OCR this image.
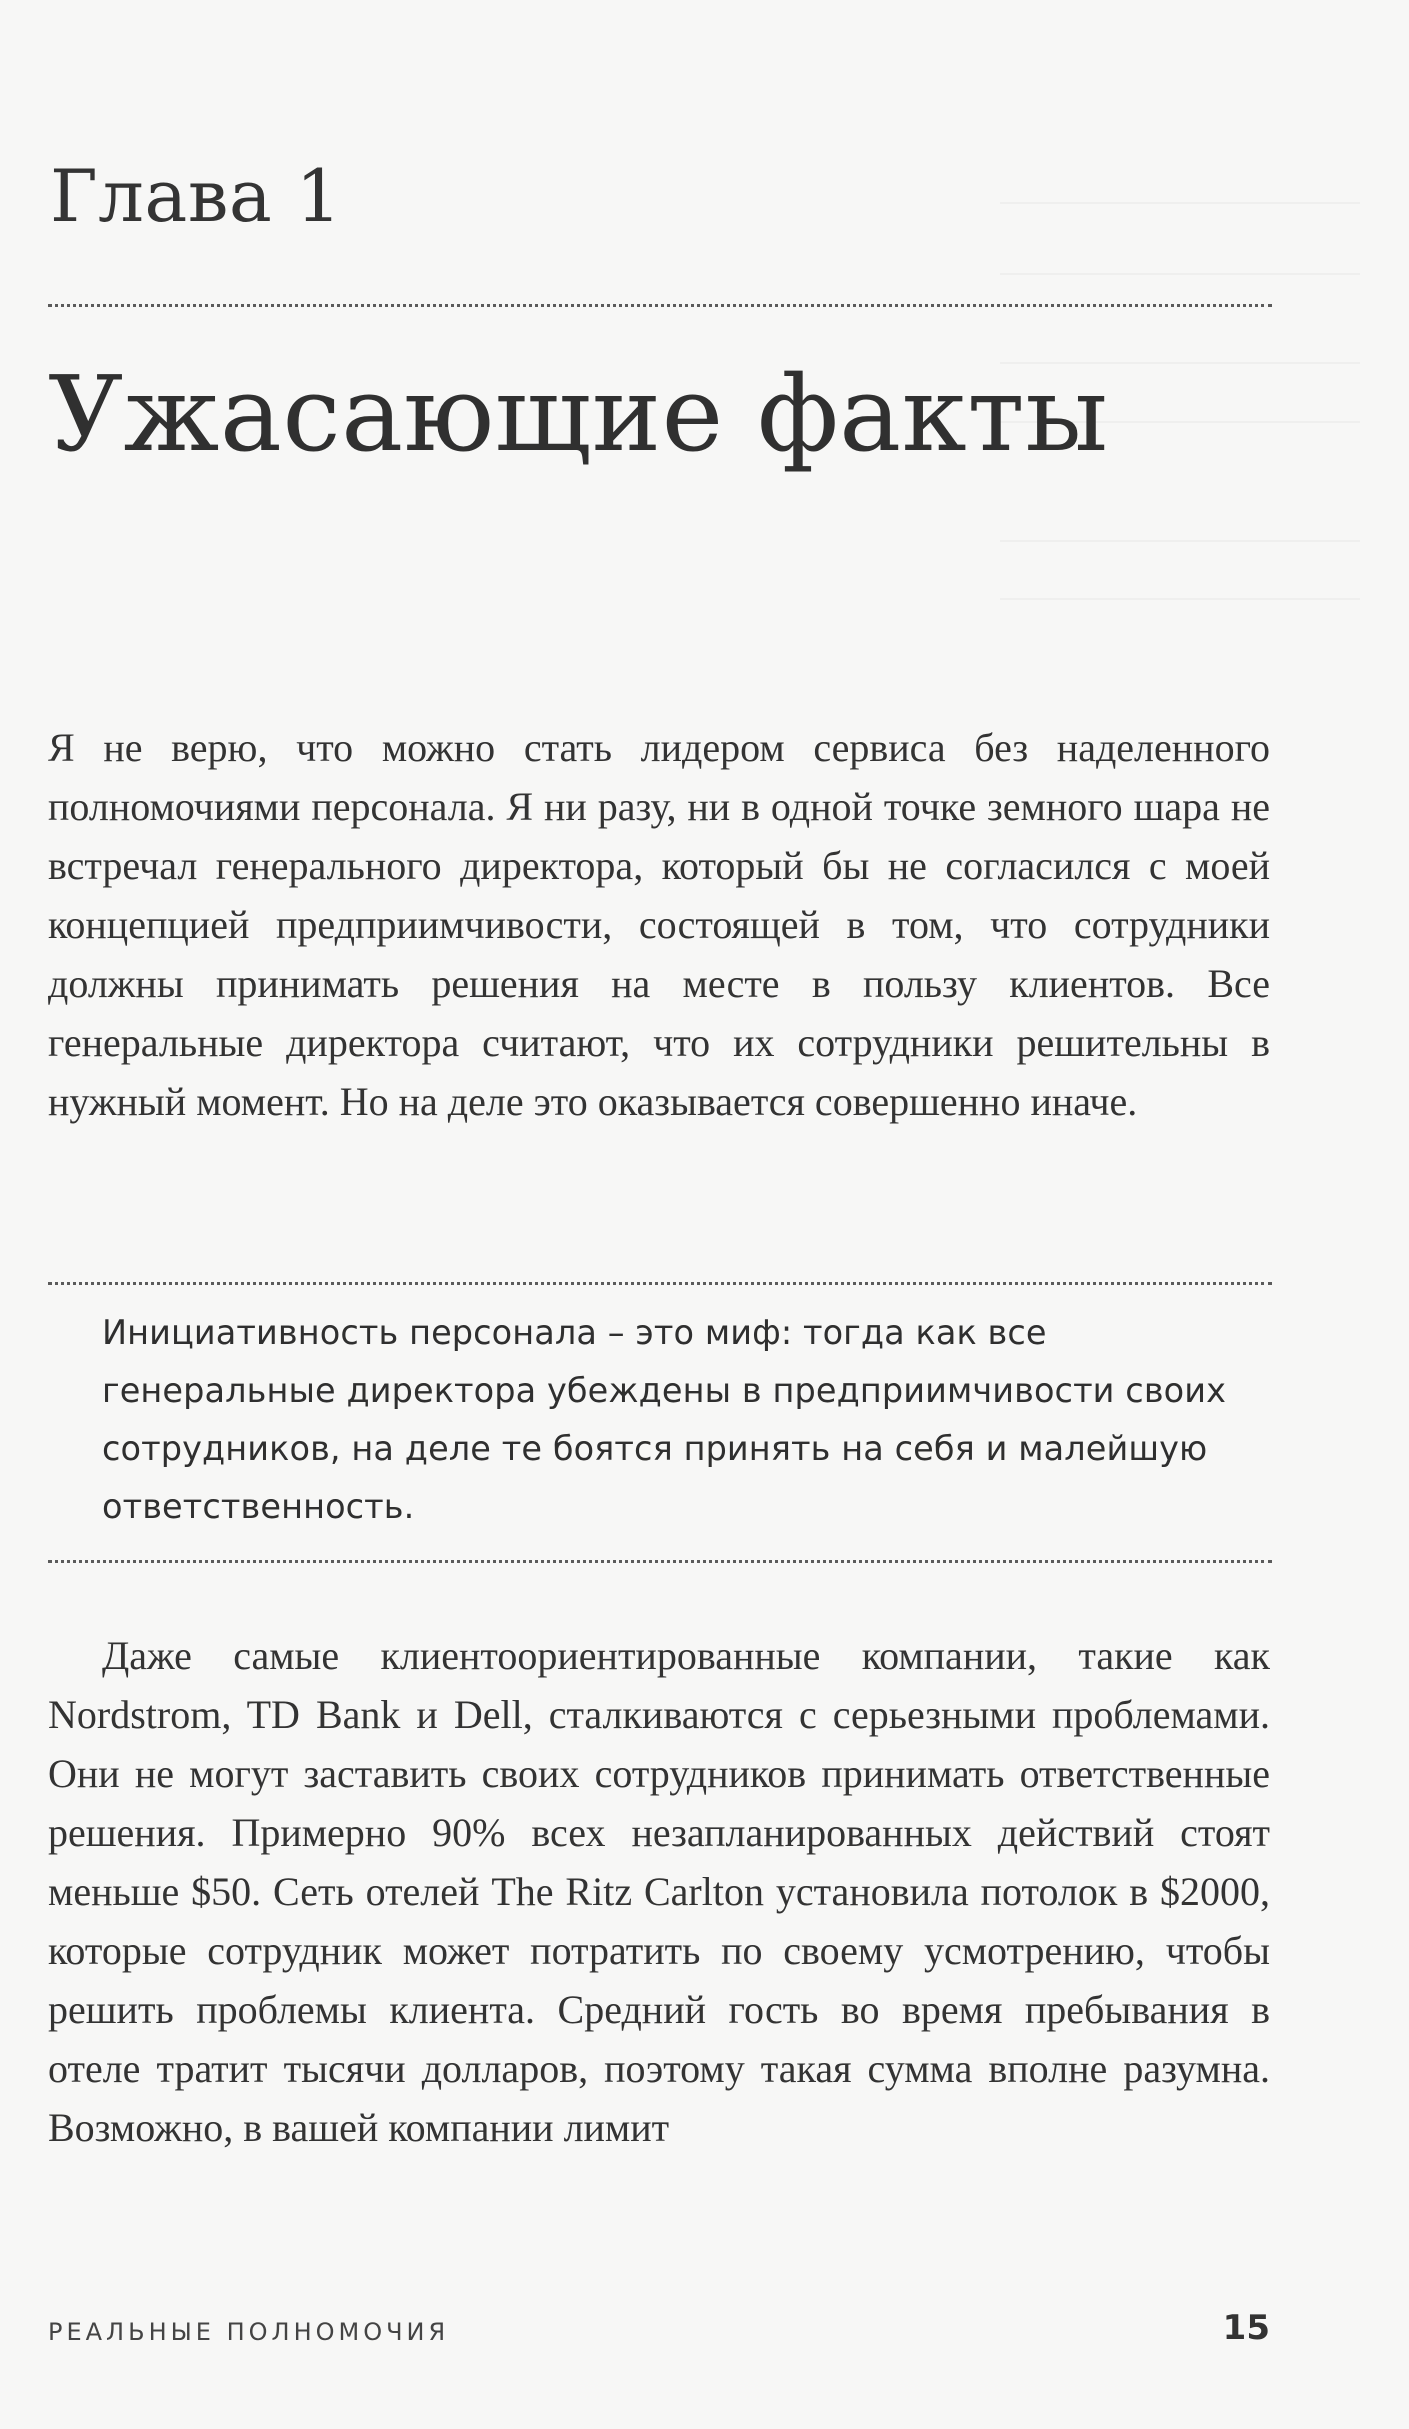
Глава 1
Ужасающие факты
Я не верю, что можно стать лидером сервиса без наделенного полномочиями персонала. Я ни разу, ни в одной точке земного шара не встречал генерального директора, который бы не согласился с моей концепцией предприимчивости, состоящей в том, что сотрудники должны принимать решения на месте в пользу клиентов. Все генеральные директора считают, что их сотрудники решительны в нужный момент. Но на деле это оказывается совершенно иначе.
Инициативность персонала – это миф: тогда как все генеральные директора убеждены в предприимчивости своих сотрудников, на деле те боятся принять на себя и малейшую ответственность.
Даже самые клиентоориентированные компании, такие как Nordstrom, TD Bank и Dell, сталкиваются с серьезными проблемами. Они не могут заставить своих сотрудников принимать ответственные решения. Примерно 90% всех незапланированных действий стоят меньше $50. Сеть отелей The Ritz Carlton установила потолок в $2000, которые сотрудник может потратить по своему усмотрению, чтобы решить проблемы клиента. Средний гость во время пребывания в отеле тратит тысячи долларов, поэтому такая сумма вполне разумна. Возможно, в вашей компании лимит
РЕАЛЬНЫЕ ПОЛНОМОЧИЯ	15
